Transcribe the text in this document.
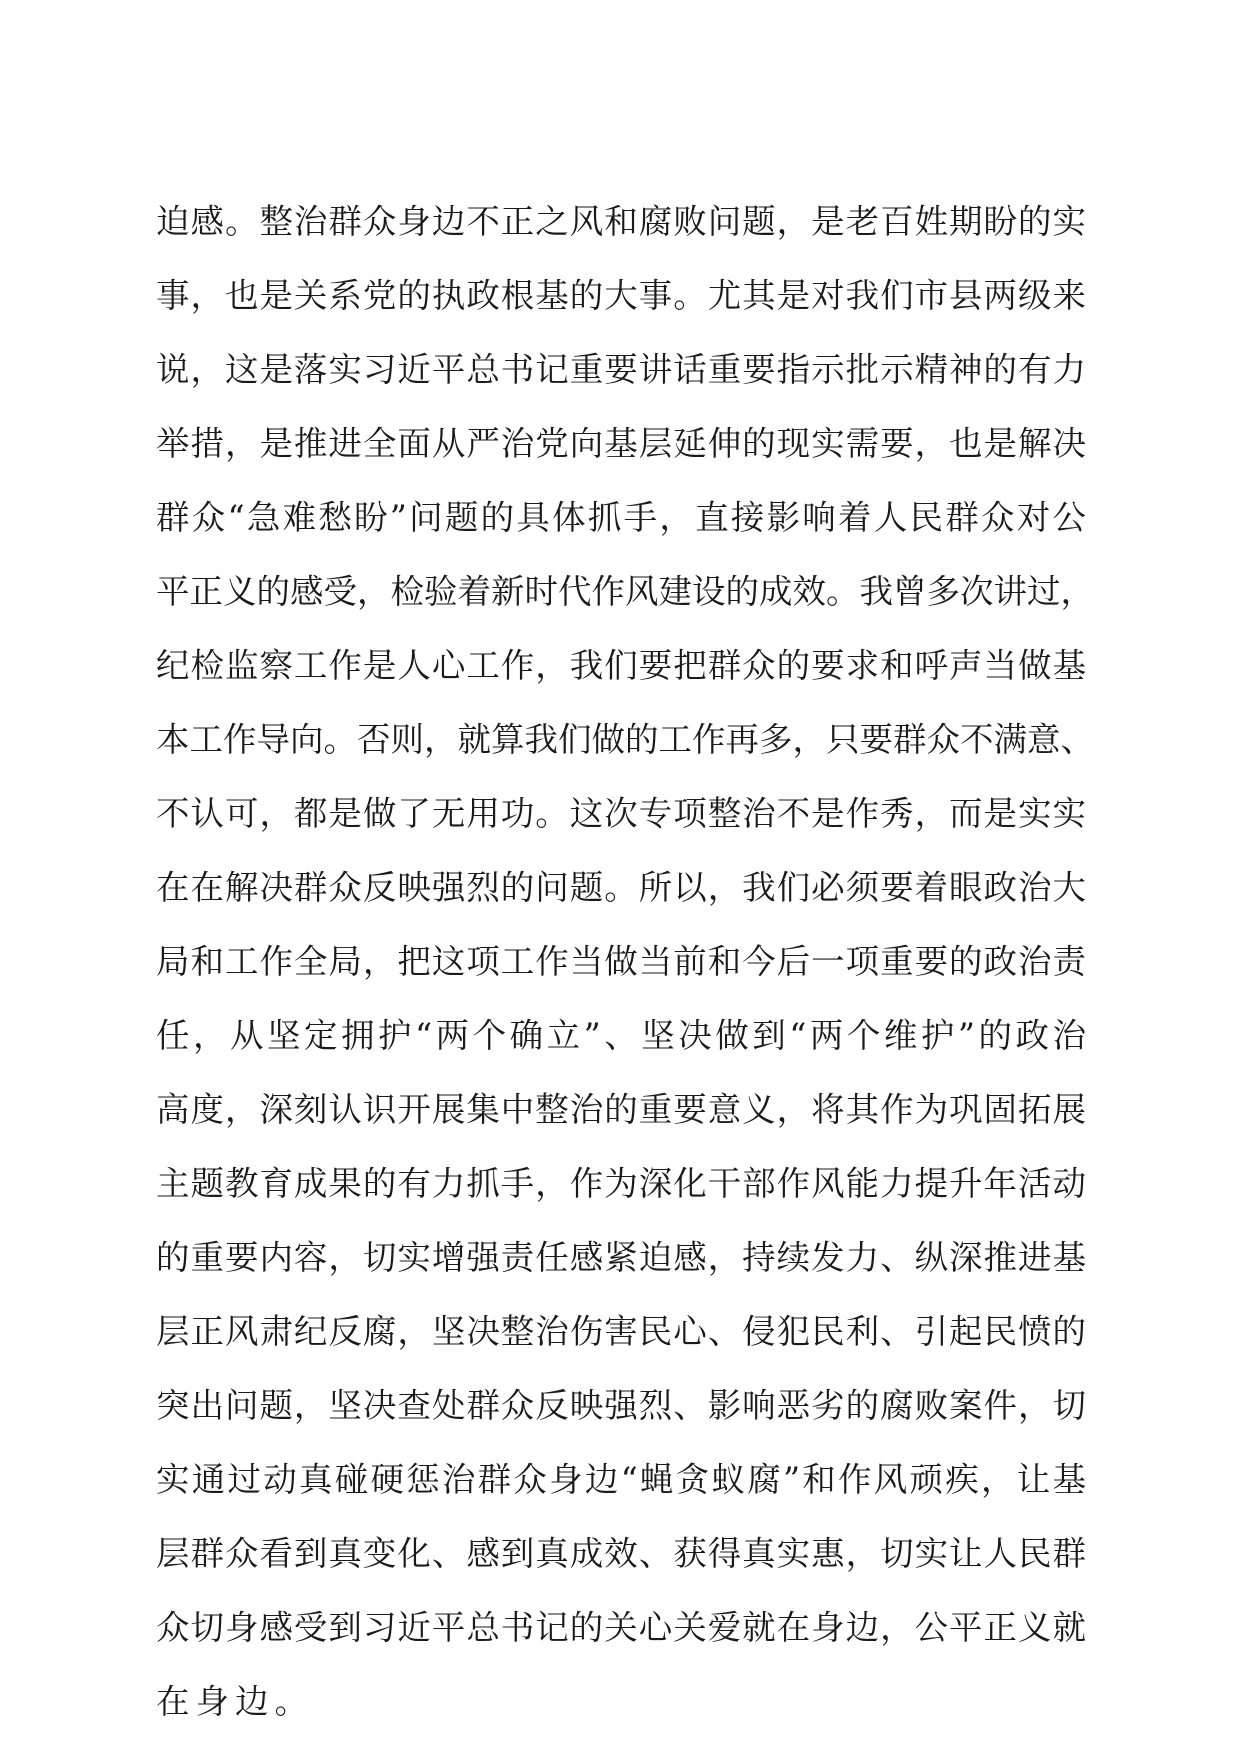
迫感。整治群众身边不正之风和腐败问题，是老百姓期盼的实
事，也是关系党的执政根基的大事。尤其是对我们市县两级来
说，这是落实习近平总书记重要讲话重要指示批示精神的有力
举措，是推进全面从严治党向基层延伸的现实需要，也是解决
群众“急难愁盼”问题的具体抓手，直接影响着人民群众对公
平正义的感受，检验着新时代作风建设的成效。我曾多次讲过，
纪检监察工作是人心工作，我们要把群众的要求和呼声当做基
本工作导向。否则，就算我们做的工作再多，只要群众不满意、
不认可，都是做了无用功。这次专项整治不是作秀，而是实实
在在解决群众反映强烈的问题。所以，我们必须要着眼政治大
局和工作全局，把这项工作当做当前和今后一项重要的政治责
任，从坚定拥护“两个确立”、坚决做到“两个维护”的政治
高度，深刻认识开展集中整治的重要意义，将其作为巩固拓展
主题教育成果的有力抓手，作为深化干部作风能力提升年活动
的重要内容，切实增强责任感紧迫感，持续发力、纵深推进基
层正风肃纪反腐，坚决整治伤害民心、侵犯民利、引起民愤的
突出问题，坚决查处群众反映强烈、影响恶劣的腐败案件，切
实通过动真碰硬惩治群众身边“蝇贪蚁腐”和作风顽疾，让基
层群众看到真变化、感到真成效、获得真实惠，切实让人民群
众切身感受到习近平总书记的关心关爱就在身边，公平正义就
在身边。
